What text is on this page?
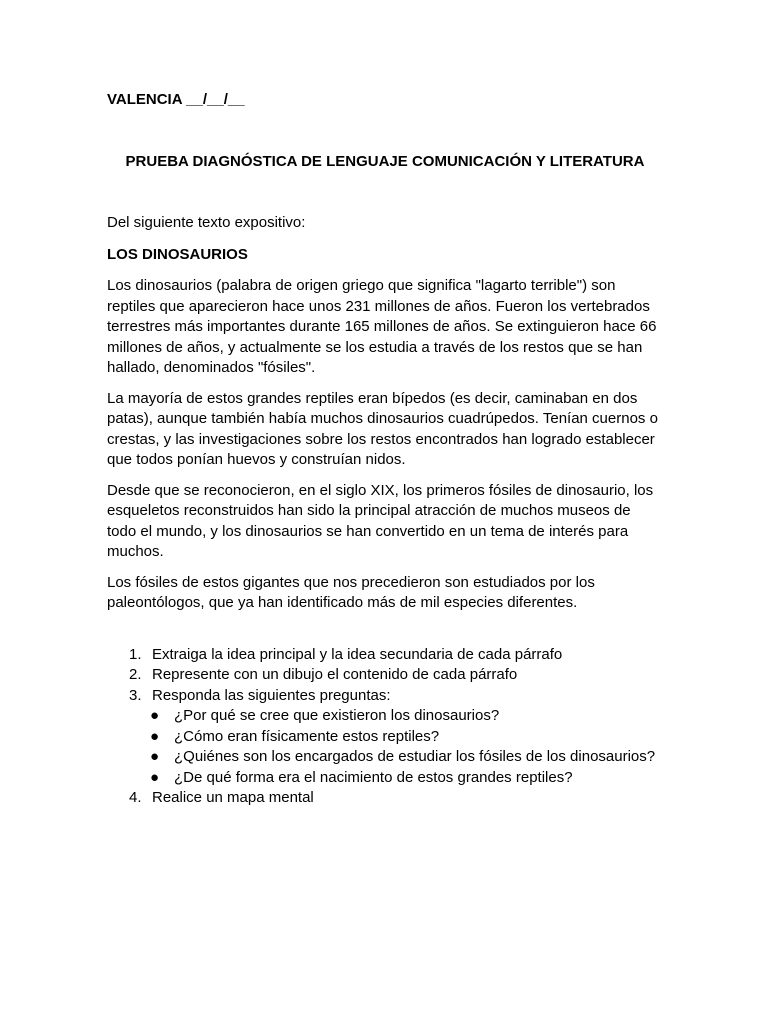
VALENCIA __/__/__

PRUEBA DIAGNÓSTICA DE LENGUAJE COMUNICACIÓN Y LITERATURA

Del siguiente texto expositivo:

LOS DINOSAURIOS

Los dinosaurios (palabra de origen griego que significa "lagarto terrible") son reptiles que aparecieron hace unos 231 millones de años. Fueron los vertebrados terrestres más importantes durante 165 millones de años. Se extinguieron hace 66 millones de años, y actualmente se los estudia a través de los restos que se han hallado, denominados "fósiles".

La mayoría de estos grandes reptiles eran bípedos (es decir, caminaban en dos patas), aunque también había muchos dinosaurios cuadrúpedos. Tenían cuernos o crestas, y las investigaciones sobre los restos encontrados han logrado establecer que todos ponían huevos y construían nidos.

Desde que se reconocieron, en el siglo XIX, los primeros fósiles de dinosaurio, los esqueletos reconstruidos han sido la principal atracción de muchos museos de todo el mundo, y los dinosaurios se han convertido en un tema de interés para muchos.

Los fósiles de estos gigantes que nos precedieron son estudiados por los paleontólogos, que ya han identificado más de mil especies diferentes.

1. Extraiga la idea principal y la idea secundaria de cada párrafo
2. Represente con un dibujo el contenido de cada párrafo
3. Responda las siguientes preguntas:
● ¿Por qué se cree que existieron los dinosaurios?
● ¿Cómo eran físicamente estos reptiles?
● ¿Quiénes son los encargados de estudiar los fósiles de los dinosaurios?
● ¿De qué forma era el nacimiento de estos grandes reptiles?
4. Realice un mapa mental
